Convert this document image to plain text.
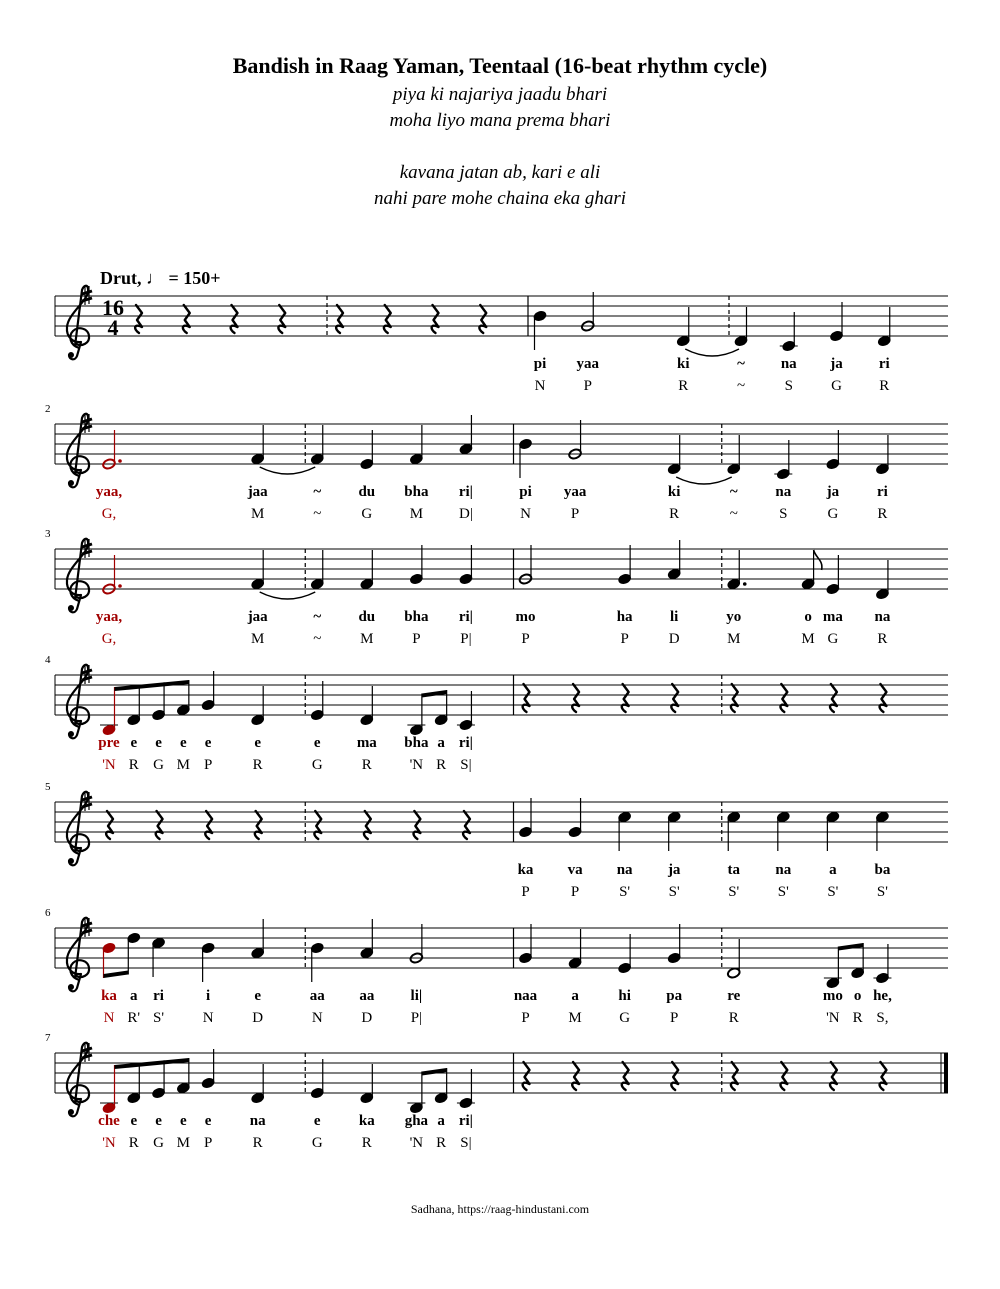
Bandish in Raag Yaman, Teentaal (16-beat rhythm cycle)
piya ki najariya jaadu bhari
moha liyo mana prema bhari
kavana jatan ab, kari e ali
nahi pare mohe chaina eka ghari
Drut, ♩ = 150+
16
4
pi
N
yaa
P
ki
R
~
~
na
S
ja
G
ri
R
2
yaa,
G,
jaa
M
~
~
du
G
bha
M
ri|
D|
pi
N
yaa
P
ki
R
~
~
na
S
ja
G
ri
R
3
yaa,
G,
jaa
M
~
~
du
M
bha
P
ri|
P|
mo
P
ha
P
li
D
yo
M
o
M
ma
G
na
R
4
pre
'N
e
R
e
G
e
M
e
P
e
R
e
G
ma
R
bha
'N
a
R
ri|
S|
5
ka
P
va
P
na
S'
ja
S'
ta
S'
na
S'
a
S'
ba
S'
6
ka
N
a
R'
ri
S'
i
N
e
D
aa
N
aa
D
li|
P|
naa
P
a
M
hi
G
pa
P
re
R
mo
'N
o
R
he,
S,
7
che
'N
e
R
e
G
e
M
e
P
na
R
e
G
ka
R
gha
'N
a
R
ri|
S|
Sadhana, https://raag-hindustani.com
